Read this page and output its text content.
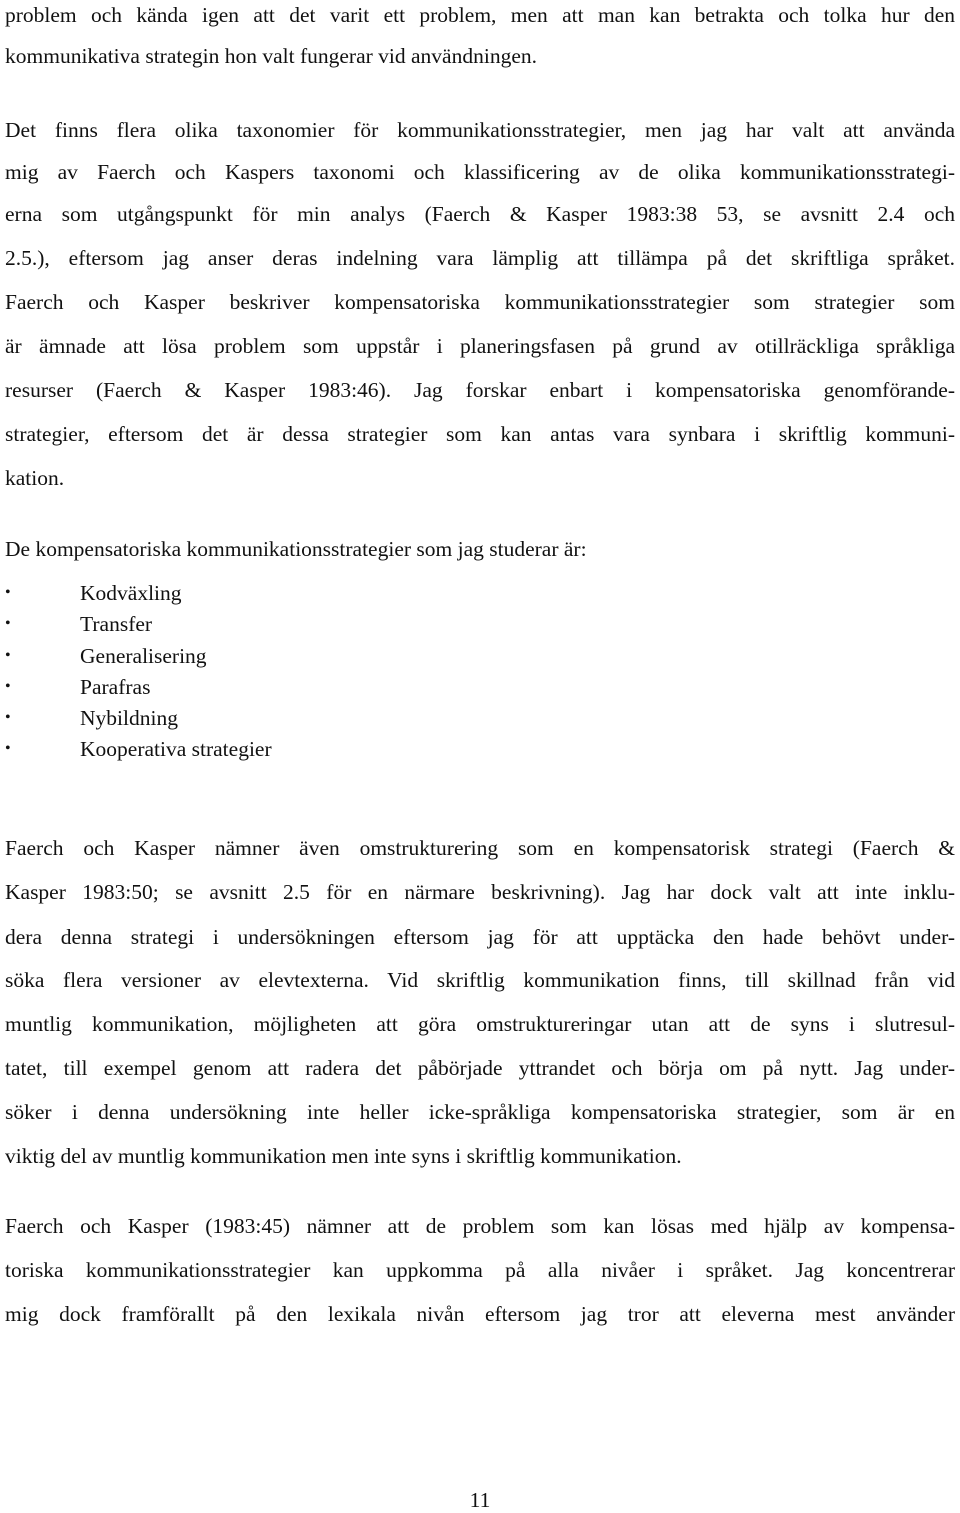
problem och kända igen att det varit ett problem, men att man kan betrakta och tolka hur den
kommunikativa strategin hon valt fungerar vid användningen.
Det finns flera olika taxonomier för kommunikationsstrategier, men jag har valt att använda
mig av Faerch och Kaspers taxonomi och klassificering av de olika kommunikationsstrategi-
erna som utgångspunkt för min analys (Faerch & Kasper 1983:38 53, se avsnitt 2.4 och
2.5.), eftersom jag anser deras indelning vara lämplig att tillämpa på det skriftliga språket.
Faerch och Kasper beskriver kompensatoriska kommunikationsstrategier som strategier som
är ämnade att lösa problem som uppstår i planeringsfasen på grund av otillräckliga språkliga
resurser (Faerch & Kasper 1983:46). Jag forskar enbart i kompensatoriska genomförande-
strategier, eftersom det är dessa strategier som kan antas vara synbara i skriftlig kommuni-
kation.
De kompensatoriska kommunikationsstrategier som jag studerar är:
•	Kodväxling
•	Transfer
•	Generalisering
•	Parafras
•	Nybildning
•	Kooperativa strategier
Faerch och Kasper nämner även omstrukturering som en kompensatorisk strategi (Faerch &
Kasper 1983:50; se avsnitt 2.5 för en närmare beskrivning). Jag har dock valt att inte inklu-
dera denna strategi i undersökningen eftersom jag för att upptäcka den hade behövt under-
söka flera versioner av elevtexterna. Vid skriftlig kommunikation finns, till skillnad från vid
muntlig kommunikation, möjligheten att göra omstruktureringar utan att de syns i slutresul-
tatet, till exempel genom att radera det påbörjade yttrandet och börja om på nytt. Jag under-
söker i denna undersökning inte heller icke-språkliga kompensatoriska strategier, som är en
viktig del av muntlig kommunikation men inte syns i skriftlig kommunikation.
Faerch och Kasper (1983:45) nämner att de problem som kan lösas med hjälp av kompensa-
toriska kommunikationsstrategier kan uppkomma på alla nivåer i språket. Jag koncentrerar
mig dock framförallt på den lexikala nivån eftersom jag tror att eleverna mest använder
11
